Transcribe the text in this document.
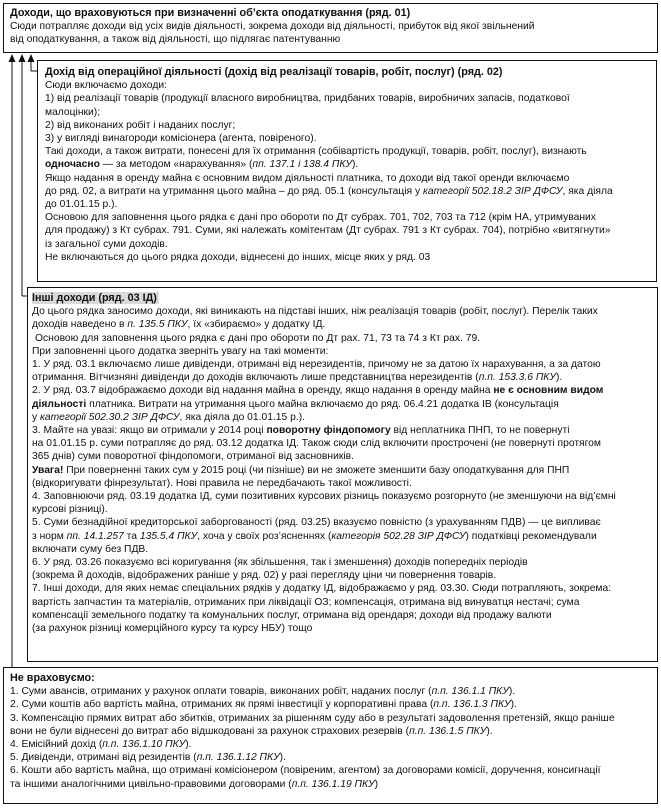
Доходи, що враховуються при визначенні об’єкта оподаткування (ряд. 01)
Сюди потрапляє доходи від усіх видів діяльності, зокрема доходи від діяльності, прибуток від якої звільнений
від оподаткування, а також від діяльності, що підлягає патентуванню
Дохід від операційної діяльності (дохід від реалізації товарів, робіт, послуг) (ряд. 02)
Сюди включаємо доходи:
1) від реалізації товарів (продукції власного виробництва, придбаних товарів, виробничих запасів, податкової
малоцінки);
2) від виконаних робіт і наданих послуг;
3) у вигляді винагороди комісіонера (агента, повіреного).
Такі доходи, а також витрати, понесені для їх отримання (собівартість продукції, товарів, робіт, послуг), визнають
одночасно — за методом «нарахування» (пп. 137.1 і 138.4 ПКУ).
Якщо надання в оренду майна є основним видом діяльності платника, то доходи від такої оренди включаємо
до ряд. 02, а витрати на утримання цього майна – до ряд. 05.1 (консультація у категорії 502.18.2 ЗІР ДФСУ, яка діяла
до 01.01.15 р.).
Основою для заповнення цього рядка є дані про обороти по Дт субрах. 701, 702, 703 та 712 (крім НА, утримуваних
для продажу) з Кт субрах. 791. Суми, які належать комітентам (Дт субрах. 791 з Кт субрах. 704), потрібно «витягнути»
із загальної суми доходів.
Не включаються до цього рядка доходи, віднесені до інших, місце яких у ряд. 03
Інші доходи (ряд. 03 ІД)
До цього рядка заносимо доходи, які виникають на підставі інших, ніж реалізація товарів (робіт, послуг). Перелік таких
доходів наведено в п. 135.5 ПКУ, їх «збираємо» у додатку ІД.
Основою для заповнення цього рядка є дані про обороти по Дт рах. 71, 73 та 74 з Кт рах. 79.
При заповненні цього додатка зверніть увагу на такі моменти:
1. У ряд. 03.1 включаємо лише дивіденди, отримані від нерезидентів, причому не за датою їх нарахування, а за датою
отримання. Вітчизняні дивіденди до доходів включають лише представництва нерезидентів (п.п. 153.3.6 ПКУ).
2. У ряд. 03.7 відображаємо доходи від надання майна в оренду, якщо надання в оренду майна не є основним видом
діяльності платника. Витрати на утримання цього майна включаємо до ряд. 06.4.21 додатка ІВ (консультація
у категорії 502.30.2 ЗІР ДФСУ, яка діяла до 01.01.15 р.).
3. Майте на увазі: якщо ви отримали у 2014 році поворотну фіндопомогу від неплатника ПНП, то не повернуті
на 01.01.15 р. суми потрапляє до ряд. 03.12 додатка ІД. Також сюди слід включити прострочені (не повернуті протягом
365 днів) суми поворотної фіндопомоги, отриманої від засновників.
Увага! При поверненні таких сум у 2015 році (чи пізніше) ви не зможете зменшити базу оподаткування для ПНП
(відкоригувати фінрезультат). Нові правила не передбачають такої можливості.
4. Заповнюючи ряд. 03.19 додатка ІД, суми позитивних курсових різниць показуємо розгорнуто (не зменшуючи на від’ємні
курсові різниці).
5. Суми безнадійної кредиторської заборгованості (ряд. 03.25) вказуємо повністю (з урахуванням ПДВ) — це випливає
з норм пп. 14.1.257 та 135.5.4 ПКУ, хоча у своїх роз’ясненнях (категорія 502.28 ЗІР ДФСУ) податківці рекомендували
включати суму без ПДВ.
6. У ряд. 03.26 показуємо всі коригування (як збільшення, так і зменшення) доходів попередніх періодів
(зокрема й доходів, відображених раніше у ряд. 02) у разі перегляду ціни чи повернення товарів.
7. Інші доходи, для яких немає спеціальних рядків у додатку ІД, відображаємо у ряд. 03.30. Сюди потрапляють, зокрема:
вартість запчастин та матеріалів, отриманих при ліквідації ОЗ; компенсація, отримана від винуватця нестачі; сума
компенсації земельного податку та комунальних послуг, отримана від орендаря; доходи від продажу валюти
(за рахунок різниці комерційного курсу та курсу НБУ) тощо
Не враховуємо:
1. Суми авансів, отриманих у рахунок оплати товарів, виконаних робіт, наданих послуг (п.п. 136.1.1 ПКУ).
2. Суми коштів або вартість майна, отриманих як прямі інвестиції у корпоративні права (п.п. 136.1.3 ПКУ).
3. Компенсацію прямих витрат або збитків, отриманих за рішенням суду або в результаті задоволення претензій, якщо раніше
вони не були віднесені до витрат або відшкодовані за рахунок страхових резервів (п.п. 136.1.5 ПКУ).
4. Емісійний дохід (п.п. 136.1.10 ПКУ).
5. Дивіденди, отримані від резидентів (п.п. 136.1.12 ПКУ).
6. Кошти або вартість майна, що отримані комісіонером (повіреним, агентом) за договорами комісії, доручення, консигнації
та іншими аналогічними цивільно-правовими договорами (п.п. 136.1.19 ПКУ)
